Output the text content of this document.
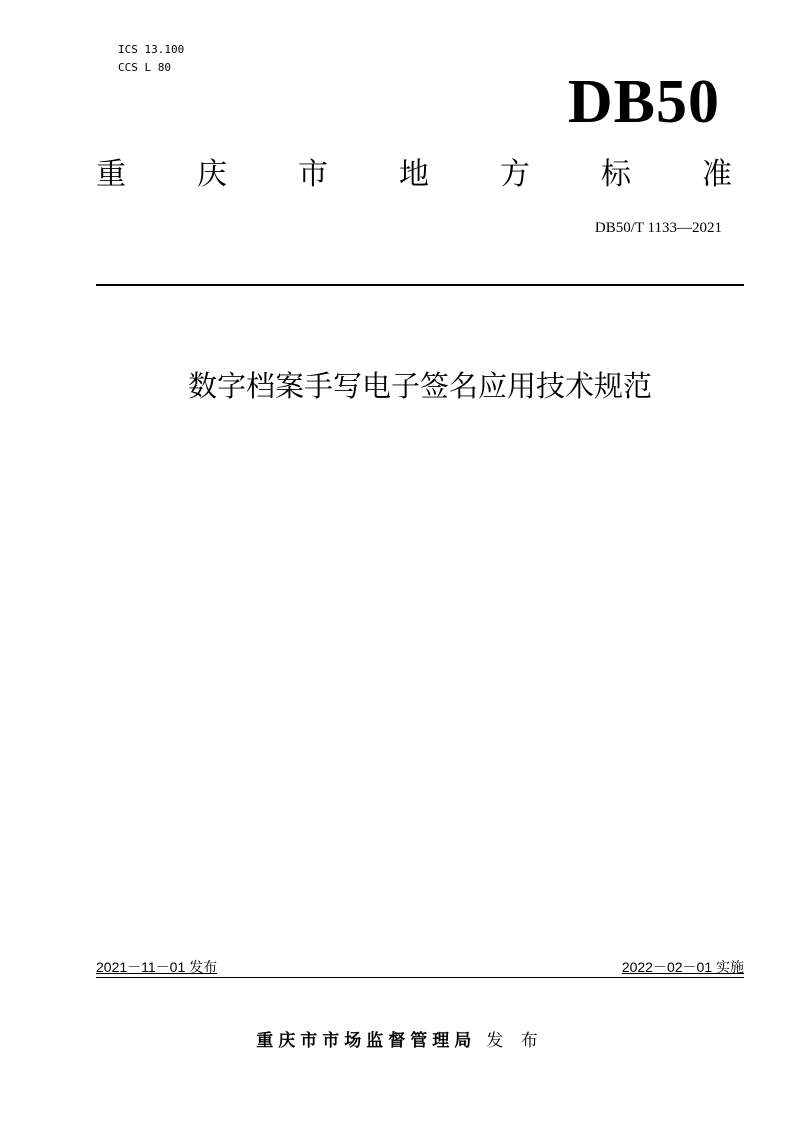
ICS 13.100
CCS L 80
DB50
重 庆 市 地 方 标 准
DB50/T 1133—2021
数字档案手写电子签名应用技术规范
2021－11－01 发布	2022－02－01 实施
重庆市市场监督管理局 发 布
